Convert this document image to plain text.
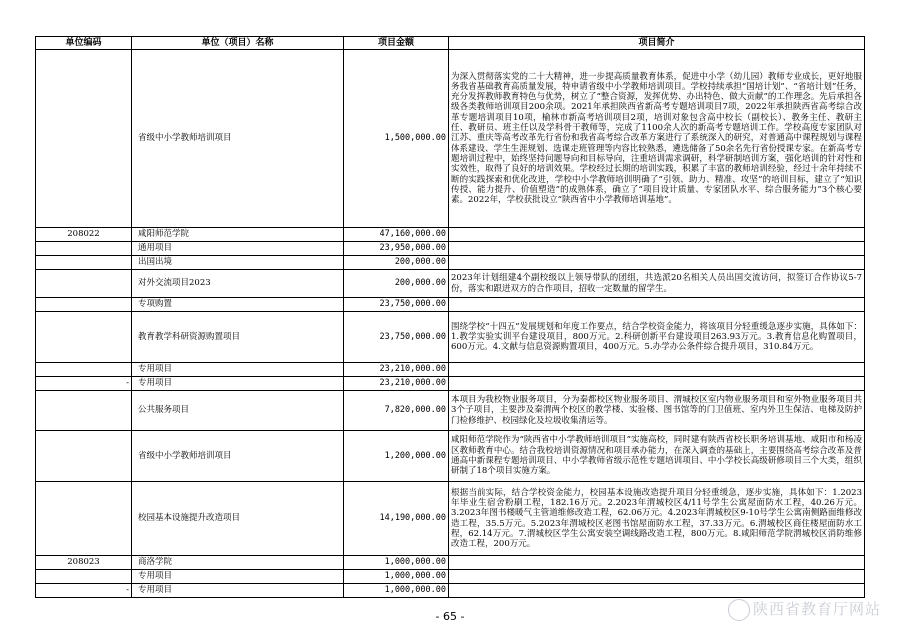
单位编码	单位（项目）名称	项目金额	项目简介
	省级中小学教师培训项目	1,500,000.00	为深入贯彻落实党的二十大精神，进一步提高质量教育体系，促进中小学（幼儿园）教师专业成长，更好地服务我省基础教育高质量发展，特申请省级中小学教师培训项目。学校持续承担“国培计划”、“省培计划”任务，充分发挥教师教育特色与优势，树立了“整合资源，发挥优势、办出特色、做大贡献”的工作理念。先后承担各级各类教师培训项目200余项。2021年承担陕西省新高考专题培训项目7项，2022年承担陕西省高考综合改革专题培训项目10项，榆林市新高考培训项目2项，培训对象包含高中校长（副校长）、教务主任、教研主任、教研员、班主任以及学科骨干教师等，完成了1100余人次的新高考专题培训工作。学校高度专家团队对江苏、重庆等高考改革先行省份和我省高考综合改革方案进行了系统深入的研究，对普通高中课程规划与课程体系建设、学生生涯规划、选课走班管理等内容比较熟悉，遴选储备了50余名先行省份授课专家。在新高考专题培训过程中，始终坚持问题导向和目标导向，注重培训需求调研，科学研制培训方案，强化培训的针对性和实效性，取得了良好的培训效果。学校经过长期的培训实践，积累了丰富的教师培训经验，经过十余年持续不断的实践探索和优化改进，学校中小学教师培训明确了“引领、助力、精准、攻坚”的培训目标，建立了“知识传授、能力提升、价值塑造”的成熟体系，确立了“项目设计质量、专家团队水平、综合服务能力”3个核心要素。2022年，学校获批设立“陕西省中小学教师培训基地”。
208022	咸阳师范学院	47,160,000.00	
	通用项目	23,950,000.00	
	出国出境	200,000.00	
	对外交流项目2023	200,000.00	2023年计划组建4个副校级以上领导带队的团组，共选派20名相关人员出国交流访问，拟签订合作协议5-7份，落实和跟进双方的合作项目，招收一定数量的留学生。
	专项购置	23,750,000.00	
	教育教学科研资源购置项目	23,750,000.00	围绕学校“十四五”发展规划和年度工作要点，结合学校资金能力，将该项目分轻重缓急逐步实施，具体如下：1.教学实验实训平台建设项目，800万元。2.科研创新平台建设项目263.93万元。3.教育信息化购置项目，600万元。4.文献与信息资源购置项目，400万元。5.办学办公条件综合提升项目，310.84万元。
	专用项目	23,210,000.00	
-	专用项目	23,210,000.00	
	公共服务项目	7,820,000.00	本项目为我校物业服务项目，分为秦都校区物业服务项目、渭城校区室内物业服务项目和室外物业服务项目共3个子项目，主要涉及秦渭两个校区的教学楼、实验楼、图书馆等的门卫值班、室内外卫生保洁、电梯及防护门检修维护、校园绿化及垃圾收集清运等。
	省级中小学教师培训项目	1,200,000.00	咸阳师范学院作为“陕西省中小学教师培训项目”实施高校，同时建有陕西省校长职务培训基地、咸阳市和杨凌区教师教育中心。结合我校培训资源情况和项目承办能力，在深入调查的基础上，主要围绕高考综合改革及普通高中新课程专题培训项目、中小学教师省级示范性专题培训项目、中小学校长高级研修项目三个大类，组织研制了18个项目实施方案。
	校园基本设施提升改造项目	14,190,000.00	根据当前实际，结合学校资金能力，校园基本设施改造提升项目分轻重缓急，逐步实施，具体如下：1.2023年毕业生宿舍粉刷工程，182.16万元。2.2023年渭城校区4/11号学生公寓屋面防水工程，40.26万元。3.2023年图书楼暖气主管道维修改造工程，62.06万元。4.2023年渭城校区9-10号学生公寓南侧路面维修改造工程，35.5万元。5.2023年渭城校区老图书馆屋面防水工程，37.33万元。6.渭城校区商住楼屋面防水工程，62.14万元。7.渭城校区学生公寓安装空调线路改造工程，800万元。8.咸阳师范学院渭城校区消防维修改造工程，200万元。
208023	商洛学院	1,000,000.00	
	专用项目	1,000,000.00	
-	专用项目	1,000,000.00	
陕西省教育厅网站
- 65 -
